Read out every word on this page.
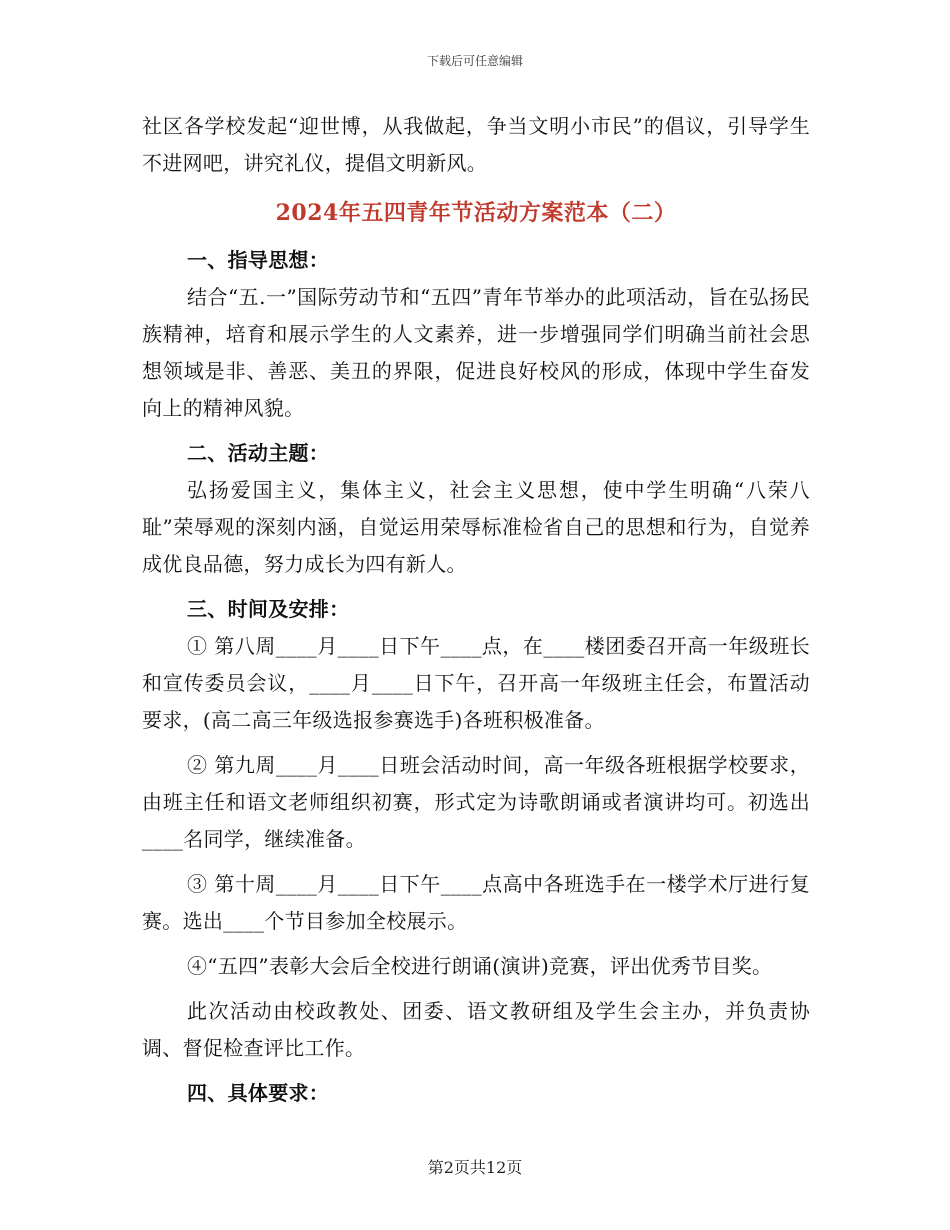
下载后可任意编辑

社区各学校发起“迎世博，从我做起，争当文明小市民”的倡议，引导学生不进网吧，讲究礼仪，提倡文明新风。

2024年五四青年节活动方案范本（二）

一、指导思想：

结合“五.一”国际劳动节和“五四”青年节举办的此项活动，旨在弘扬民族精神，培育和展示学生的人文素养，进一步增强同学们明确当前社会思想领域是非、善恶、美丑的界限，促进良好校风的形成，体现中学生奋发向上的精神风貌。

二、活动主题：

弘扬爱国主义，集体主义，社会主义思想，使中学生明确“八荣八耻”荣辱观的深刻内涵，自觉运用荣辱标准检省自己的思想和行为，自觉养成优良品德，努力成长为四有新人。

三、时间及安排：

① 第八周____月____日下午____点，在____楼团委召开高一年级班长和宣传委员会议，____月____日下午，召开高一年级班主任会，布置活动要求，(高二高三年级选报参赛选手)各班积极准备。

② 第九周____月____日班会活动时间，高一年级各班根据学校要求，由班主任和语文老师组织初赛，形式定为诗歌朗诵或者演讲均可。初选出____名同学，继续准备。

③ 第十周____月____日下午____点高中各班选手在一楼学术厅进行复赛。选出____个节目参加全校展示。

④“五四”表彰大会后全校进行朗诵(演讲)竞赛，评出优秀节目奖。

此次活动由校政教处、团委、语文教研组及学生会主办，并负责协调、督促检查评比工作。

四、具体要求：

第2页共12页
